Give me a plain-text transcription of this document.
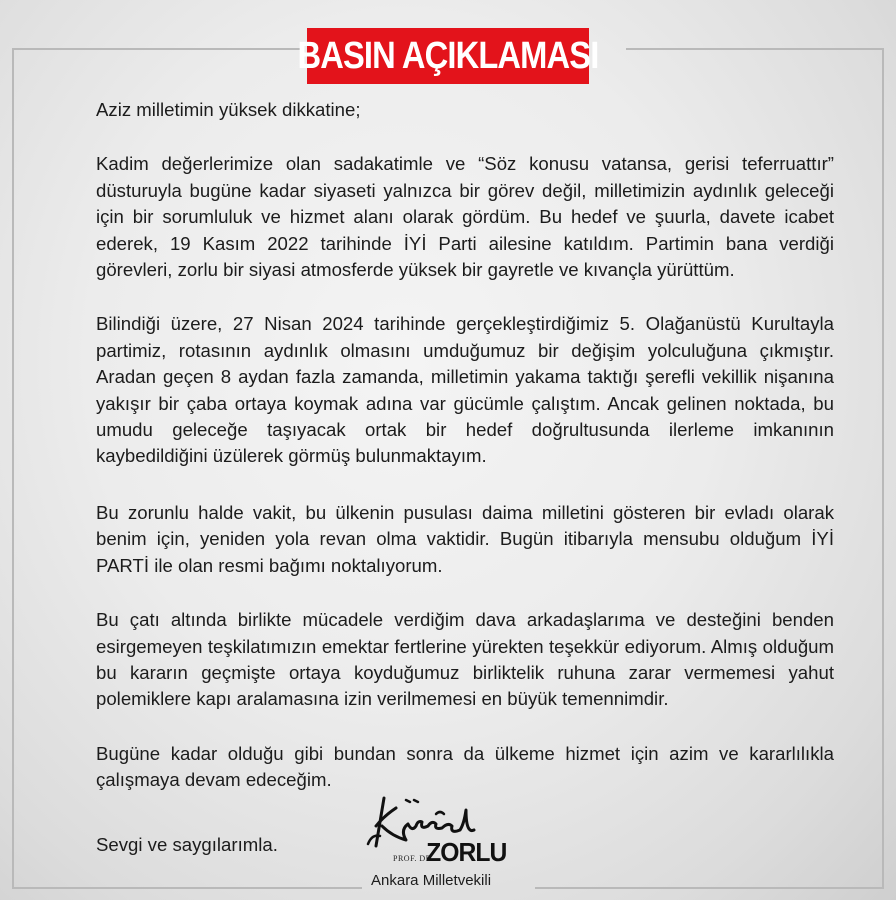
BASIN AÇIKLAMASI

Aziz milletimin yüksek dikkatine;

Kadim değerlerimize olan sadakatimle ve “Söz konusu vatansa, gerisi teferruattır” düsturuyla bugüne kadar siyaseti yalnızca bir görev değil, milletimizin aydınlık geleceği için bir sorumluluk ve hizmet alanı olarak gördüm. Bu hedef ve şuurla, davete icabet ederek, 19 Kasım 2022 tarihinde İYİ Parti ailesine katıldım. Partimin bana verdiği görevleri, zorlu bir siyasi atmosferde yüksek bir gayretle ve kıvançla yürüttüm.

Bilindiği üzere, 27 Nisan 2024 tarihinde gerçekleştirdiğimiz 5. Olağanüstü Kurultayla partimiz, rotasının aydınlık olmasını umduğumuz bir değişim yolculuğuna çıkmıştır. Aradan geçen 8 aydan fazla zamanda, milletimin yakama taktığı şerefli vekillik nişanına yakışır bir çaba ortaya koymak adına var gücümle çalıştım. Ancak gelinen noktada, bu umudu geleceğe taşıyacak ortak bir hedef doğrultusunda ilerleme imkanının kaybedildiğini üzülerek görmüş bulunmaktayım.

Bu zorunlu halde vakit, bu ülkenin pusulası daima milletini gösteren bir evladı olarak benim için, yeniden yola revan olma vaktidir. Bugün itibarıyla mensubu olduğum İYİ PARTİ ile olan resmi bağımı noktalıyorum.

Bu çatı altında birlikte mücadele verdiğim dava arkadaşlarıma ve desteğini benden esirgemeyen teşkilatımızın emektar fertlerine yürekten teşekkür ediyorum. Almış olduğum bu kararın geçmişte ortaya koyduğumuz birliktelik ruhuna zarar vermemesi yahut polemiklere kapı aralamasına izin verilmemesi en büyük temennimdir.

Bugüne kadar olduğu gibi bundan sonra da ülkeme hizmet için azim ve kararlılıkla çalışmaya devam edeceğim.

Sevgi ve saygılarımla.
PROF. DR.
ZORLU
Ankara Milletvekili
